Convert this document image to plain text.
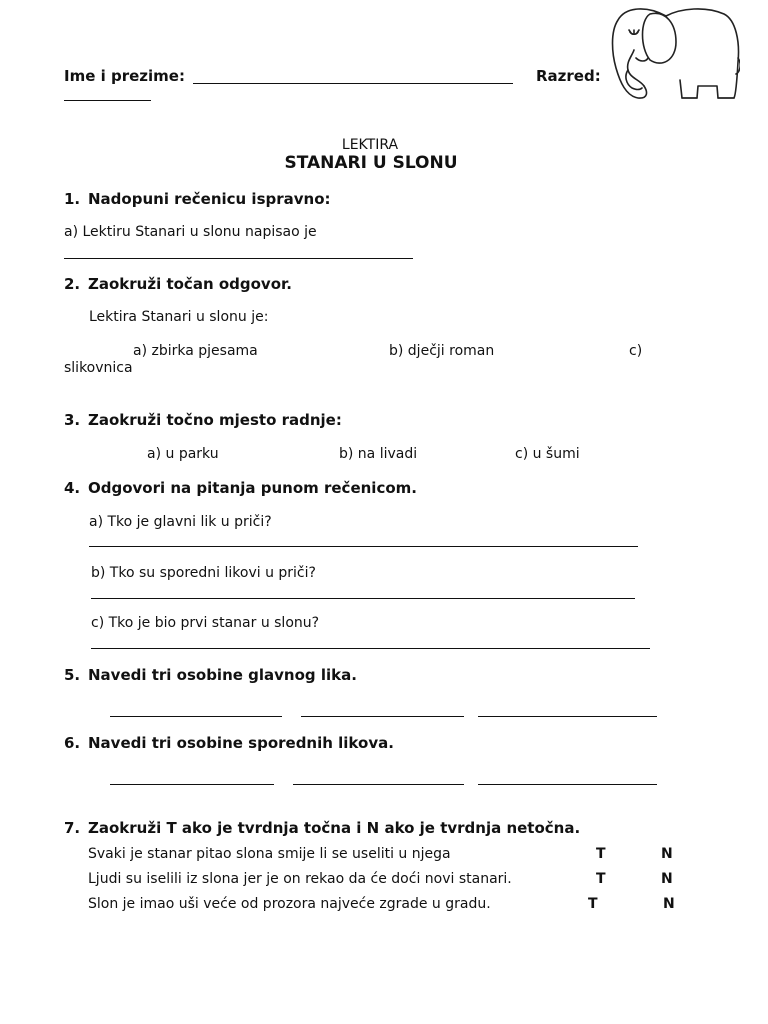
Ime i prezime:	Razred:
LEKTIRA
STANARI U SLONU
1. Nadopuni rečenicu ispravno:
a) Lektiru Stanari u slonu napisao je
2. Zaokruži točan odgovor.
Lektira Stanari u slonu je:
a) zbirka pjesama	b) dječji roman	c)
slikovnica
3. Zaokruži točno mjesto radnje:
a) u parku	b) na livadi	c) u šumi
4. Odgovori na pitanja punom rečenicom.
a) Tko je glavni lik u priči?
b) Tko su sporedni likovi u priči?
c) Tko je bio prvi stanar u slonu?
5. Navedi tri osobine glavnog lika.
6. Navedi tri osobine sporednih likova.
7. Zaokruži T ako je tvrdnja točna i N ako je tvrdnja netočna.
Svaki je stanar pitao slona smije li se useliti u njega	T	N
Ljudi su iselili iz slona jer je on rekao da će doći novi stanari.	T	N
Slon je imao uši veće od prozora najveće zgrade u gradu.	T	N
